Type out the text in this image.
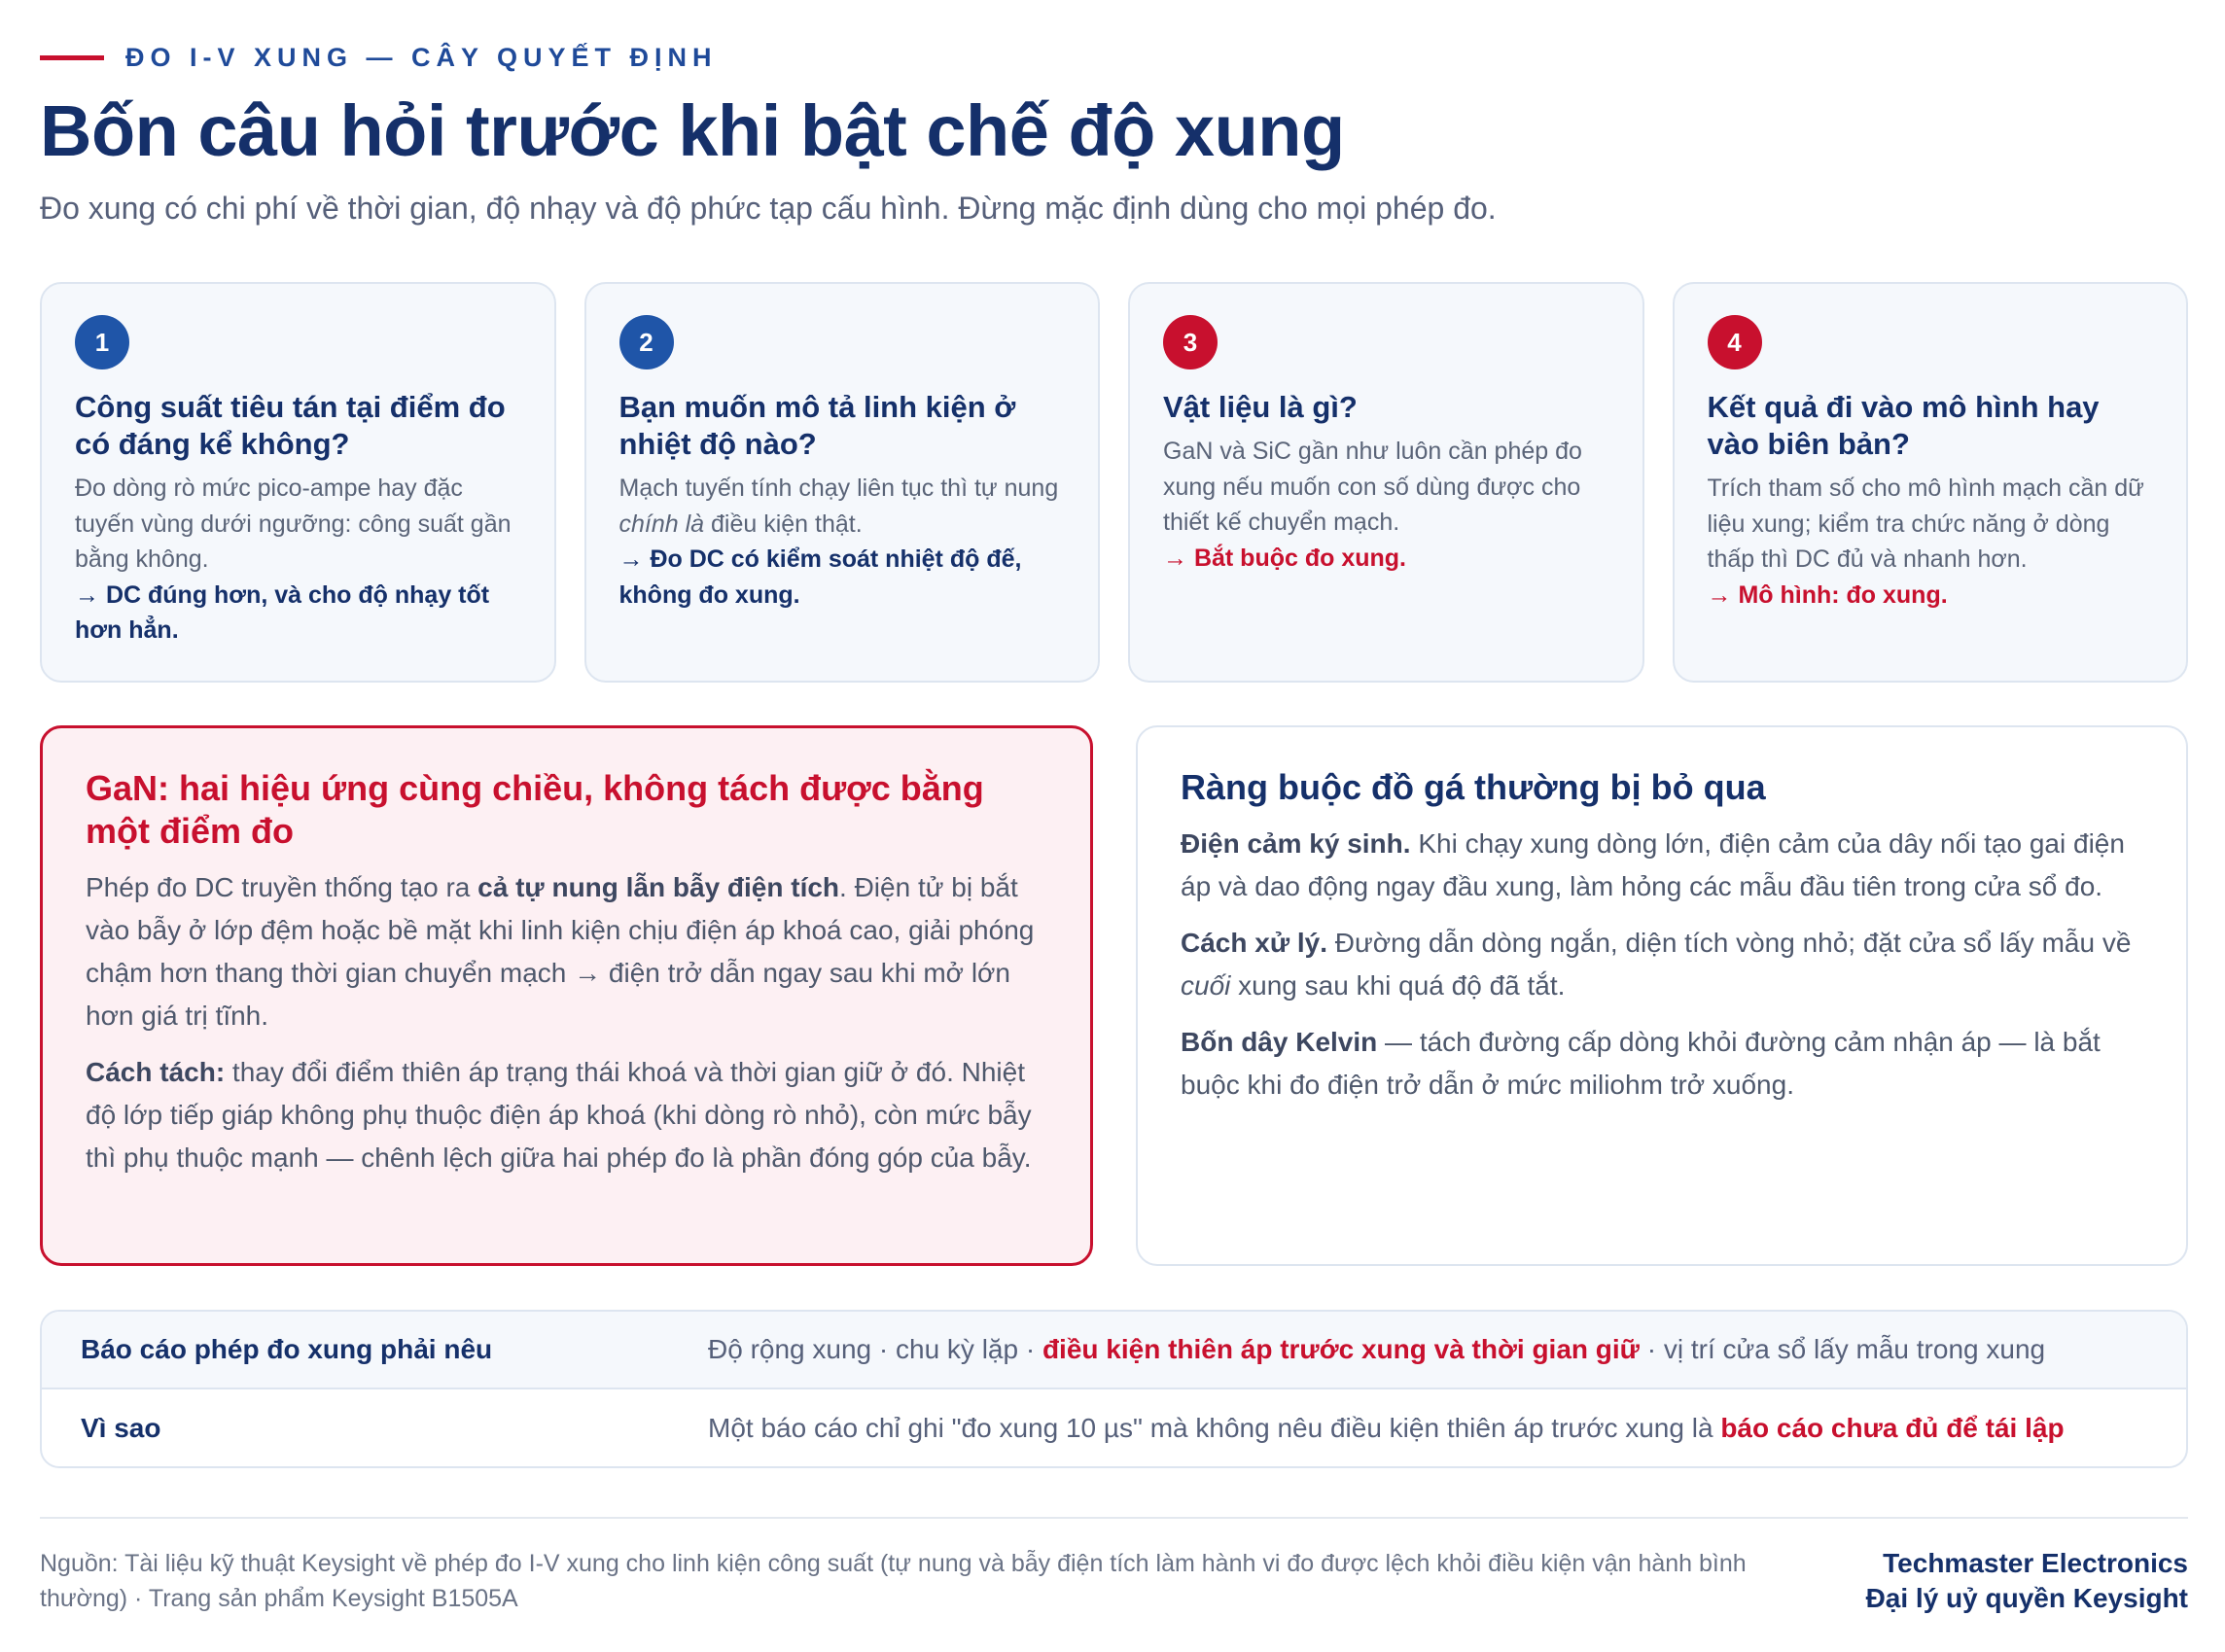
ĐO I-V XUNG — CÂY QUYẾT ĐỊNH
Bốn câu hỏi trước khi bật chế độ xung
Đo xung có chi phí về thời gian, độ nhạy và độ phức tạp cấu hình. Đừng mặc định dùng cho mọi phép đo.
1
Công suất tiêu tán tại điểm đo có đáng kể không?
Đo dòng rò mức pico-ampe hay đặc tuyến vùng dưới ngưỡng: công suất gần bằng không.
→ DC đúng hơn, và cho độ nhạy tốt hơn hẳn.
2
Bạn muốn mô tả linh kiện ở nhiệt độ nào?
Mạch tuyến tính chạy liên tục thì tự nung chính là điều kiện thật.
→ Đo DC có kiểm soát nhiệt độ đế, không đo xung.
3
Vật liệu là gì?
GaN và SiC gần như luôn cần phép đo xung nếu muốn con số dùng được cho thiết kế chuyển mạch.
→ Bắt buộc đo xung.
4
Kết quả đi vào mô hình hay vào biên bản?
Trích tham số cho mô hình mạch cần dữ liệu xung; kiểm tra chức năng ở dòng thấp thì DC đủ và nhanh hơn.
→ Mô hình: đo xung.
GaN: hai hiệu ứng cùng chiều, không tách được bằng một điểm đo

Phép đo DC truyền thống tạo ra cả tự nung lẫn bẫy điện tích. Điện tử bị bắt vào bẫy ở lớp đệm hoặc bề mặt khi linh kiện chịu điện áp khoá cao, giải phóng chậm hơn thang thời gian chuyển mạch → điện trở dẫn ngay sau khi mở lớn hơn giá trị tĩnh.

Cách tách: thay đổi điểm thiên áp trạng thái khoá và thời gian giữ ở đó. Nhiệt độ lớp tiếp giáp không phụ thuộc điện áp khoá (khi dòng rò nhỏ), còn mức bẫy thì phụ thuộc mạnh — chênh lệch giữa hai phép đo là phần đóng góp của bẫy.

Ràng buộc đồ gá thường bị bỏ qua

Điện cảm ký sinh. Khi chạy xung dòng lớn, điện cảm của dây nối tạo gai điện áp và dao động ngay đầu xung, làm hỏng các mẫu đầu tiên trong cửa sổ đo.

Cách xử lý. Đường dẫn dòng ngắn, diện tích vòng nhỏ; đặt cửa sổ lấy mẫu về cuối xung sau khi quá độ đã tắt.

Bốn dây Kelvin — tách đường cấp dòng khỏi đường cảm nhận áp — là bắt buộc khi đo điện trở dẫn ở mức miliohm trở xuống.

Báo cáo phép đo xung phải nêu	Độ rộng xung · chu kỳ lặp · điều kiện thiên áp trước xung và thời gian giữ · vị trí cửa sổ lấy mẫu trong xung
Vì sao	Một báo cáo chỉ ghi "đo xung 10 µs" mà không nêu điều kiện thiên áp trước xung là báo cáo chưa đủ để tái lập
Nguồn: Tài liệu kỹ thuật Keysight về phép đo I-V xung cho linh kiện công suất (tự nung và bẫy điện tích làm hành vi đo được lệch khỏi điều kiện vận hành bình thường) · Trang sản phẩm Keysight B1505A
Techmaster Electronics
Đại lý uỷ quyền Keysight
